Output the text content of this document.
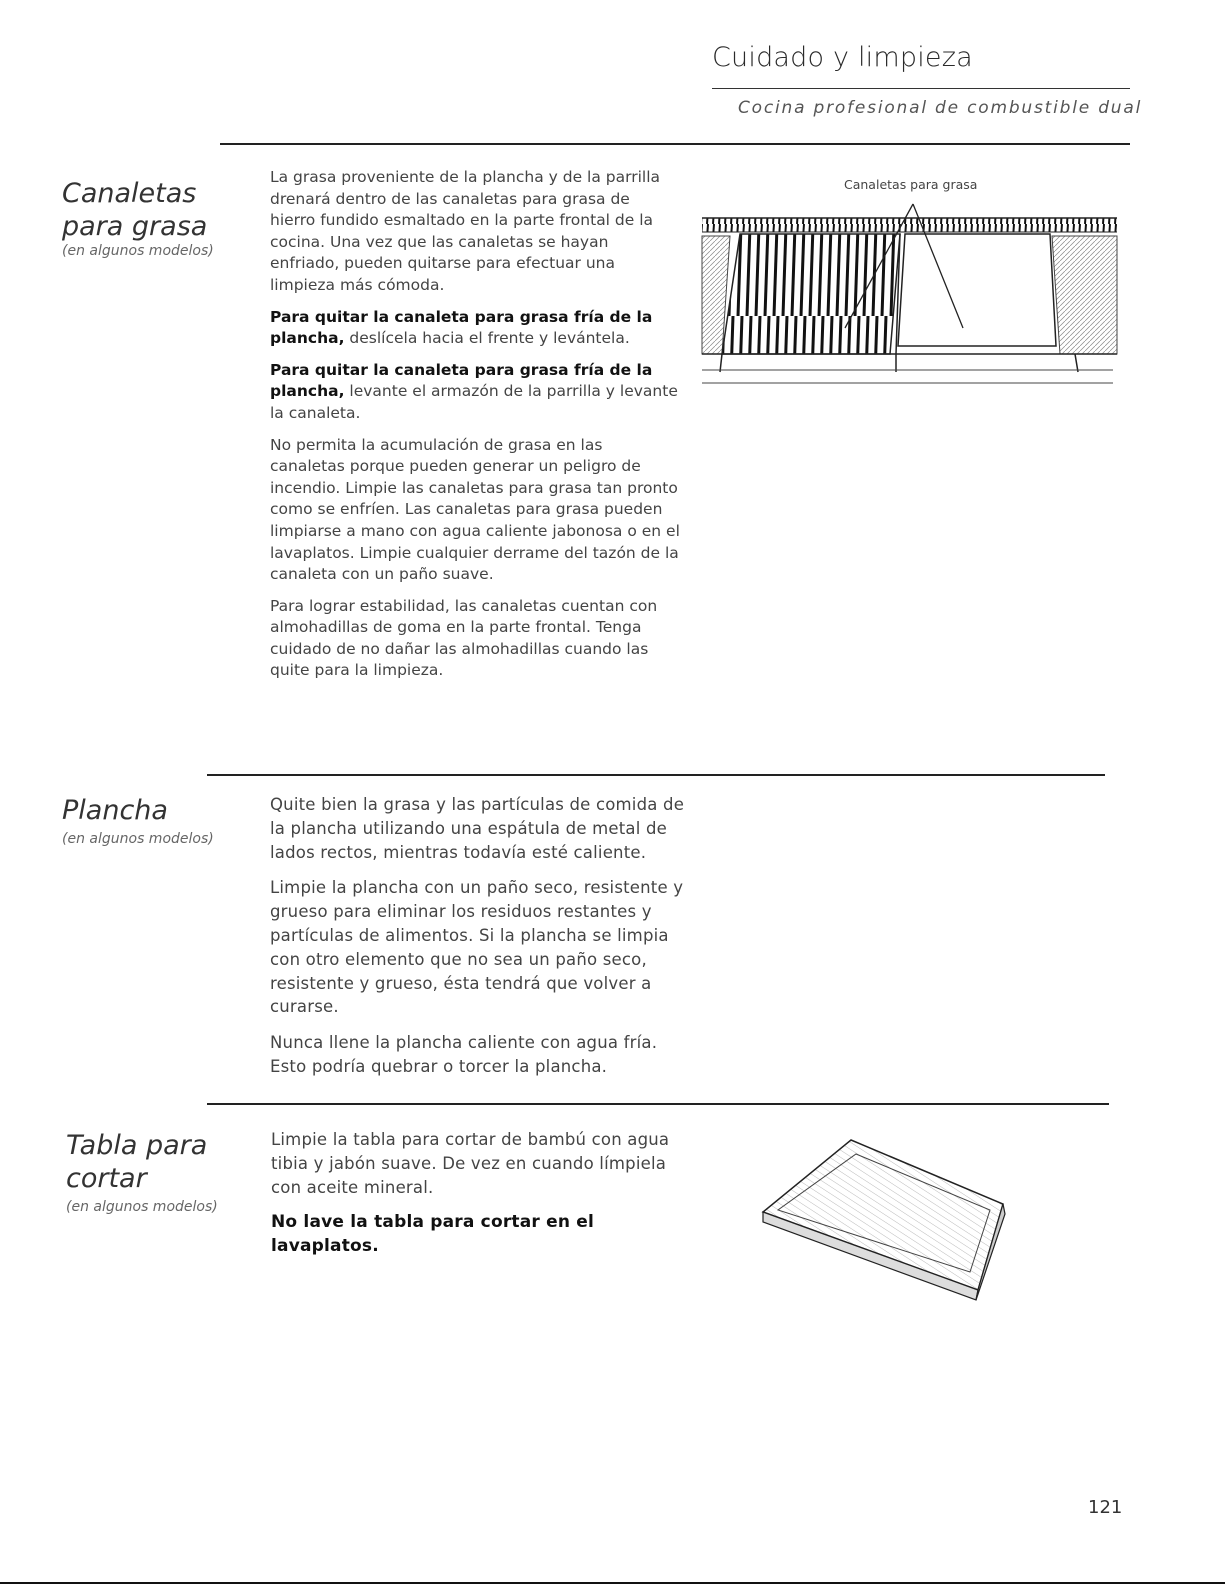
Cuidado y limpieza
Cocina profesional de combustible dual
Canaletas
para grasa
(en algunos modelos)

La grasa proveniente de la plancha y de la parrilla drenará dentro de las canaletas para grasa de hierro fundido esmaltado en la parte frontal de la cocina. Una vez que las canaletas se hayan enfriado, pueden quitarse para efectuar una limpieza más cómoda.

Para quitar la canaleta para grasa fría de la plancha, deslícela hacia el frente y levántela.

Para quitar la canaleta para grasa fría de la plancha, levante el armazón de la parrilla y levante la canaleta.

No permita la acumulación de grasa en las canaletas porque pueden generar un peligro de incendio. Limpie las canaletas para grasa tan pronto como se enfríen. Las canaletas para grasa pueden limpiarse a mano con agua caliente jabonosa o en el lavaplatos. Limpie cualquier derrame del tazón de la canaleta con un paño suave.

Para lograr estabilidad, las canaletas cuentan con almohadillas de goma en la parte frontal. Tenga cuidado de no dañar las almohadillas cuando las quite para la limpieza.

Canaletas para grasa
Plancha
(en algunos modelos)

Quite bien la grasa y las partículas de comida de la plancha utilizando una espátula de metal de lados rectos, mientras todavía esté caliente.

Limpie la plancha con un paño seco, resistente y grueso para eliminar los residuos restantes y partículas de alimentos. Si la plancha se limpia con otro elemento que no sea un paño seco, resistente y grueso, ésta tendrá que volver a curarse.

Nunca llene la plancha caliente con agua fría. Esto podría quebrar o torcer la plancha.

Tabla para
cortar
(en algunos modelos)

Limpie la tabla para cortar de bambú con agua tibia y jabón suave. De vez en cuando límpiela con aceite mineral.

No lave la tabla para cortar en el lavaplatos.

121
